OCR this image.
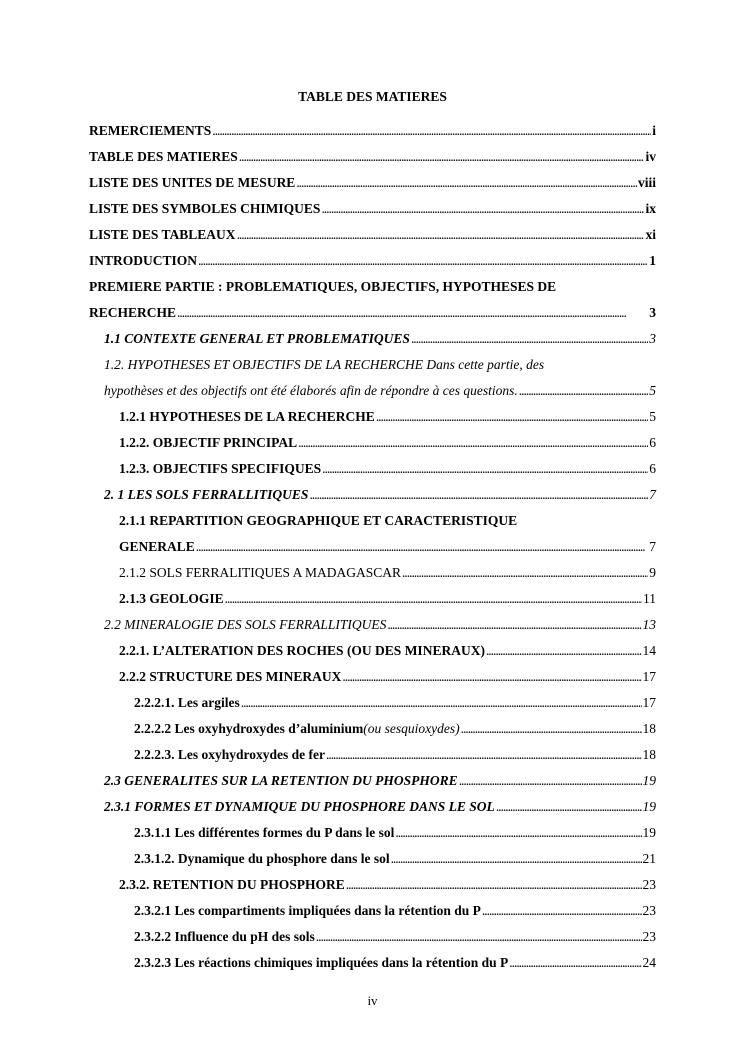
TABLE DES MATIERES
REMERCIEMENTS . . .	i
TABLE DES MATIERES . . .	iv
LISTE DES UNITES DE MESURE . . .	viii
LISTE DES SYMBOLES CHIMIQUES . . .	ix
LISTE DES TABLEAUX . . .	xi
INTRODUCTION . . .	1
PREMIERE PARTIE : PROBLEMATIQUES, OBJECTIFS, HYPOTHESES DE
RECHERCHE . . .	3
1.1 CONTEXTE GENERAL ET PROBLEMATIQUES . . .	3
1.2. HYPOTHESES ET OBJECTIFS DE LA RECHERCHE Dans cette partie, des
hypothèses et des objectifs ont été élaborés afin de répondre à ces questions. . . .	5
1.2.1 HYPOTHESES DE LA RECHERCHE . . .	5
1.2.2. OBJECTIF PRINCIPAL . . .	6
1.2.3. OBJECTIFS SPECIFIQUES . . .	6
2. 1 LES SOLS FERRALLITIQUES . . .	7
2.1.1 REPARTITION GEOGRAPHIQUE ET CARACTERISTIQUE
GENERALE . . .	7
2.1.2 SOLS FERRALITIQUES A MADAGASCAR . . .	9
2.1.3 GEOLOGIE . . .	11
2.2 MINERALOGIE DES SOLS FERRALLITIQUES . . .	13
2.2.1. L’ALTERATION DES ROCHES (OU DES MINERAUX) . . .	14
2.2.2 STRUCTURE DES MINERAUX . . .	17
2.2.2.1. Les argiles . . .	17
2.2.2.2 Les oxyhydroxydes d’aluminium(ou sesquioxydes) . . .	18
2.2.2.3. Les oxyhydroxydes de fer . . .	18
2.3 GENERALITES SUR LA RETENTION DU PHOSPHORE . . .	19
2.3.1 FORMES ET DYNAMIQUE DU PHOSPHORE DANS LE SOL . . .	19
2.3.1.1 Les différentes formes du P dans le sol . . .	19
2.3.1.2. Dynamique du phosphore dans le sol . . .	21
2.3.2. RETENTION DU PHOSPHORE . . .	23
2.3.2.1 Les compartiments impliquées dans la rétention du P . . .	23
2.3.2.2 Influence du pH des sols . . .	23
2.3.2.3 Les réactions chimiques impliquées dans la rétention du P . . .	24
iv
